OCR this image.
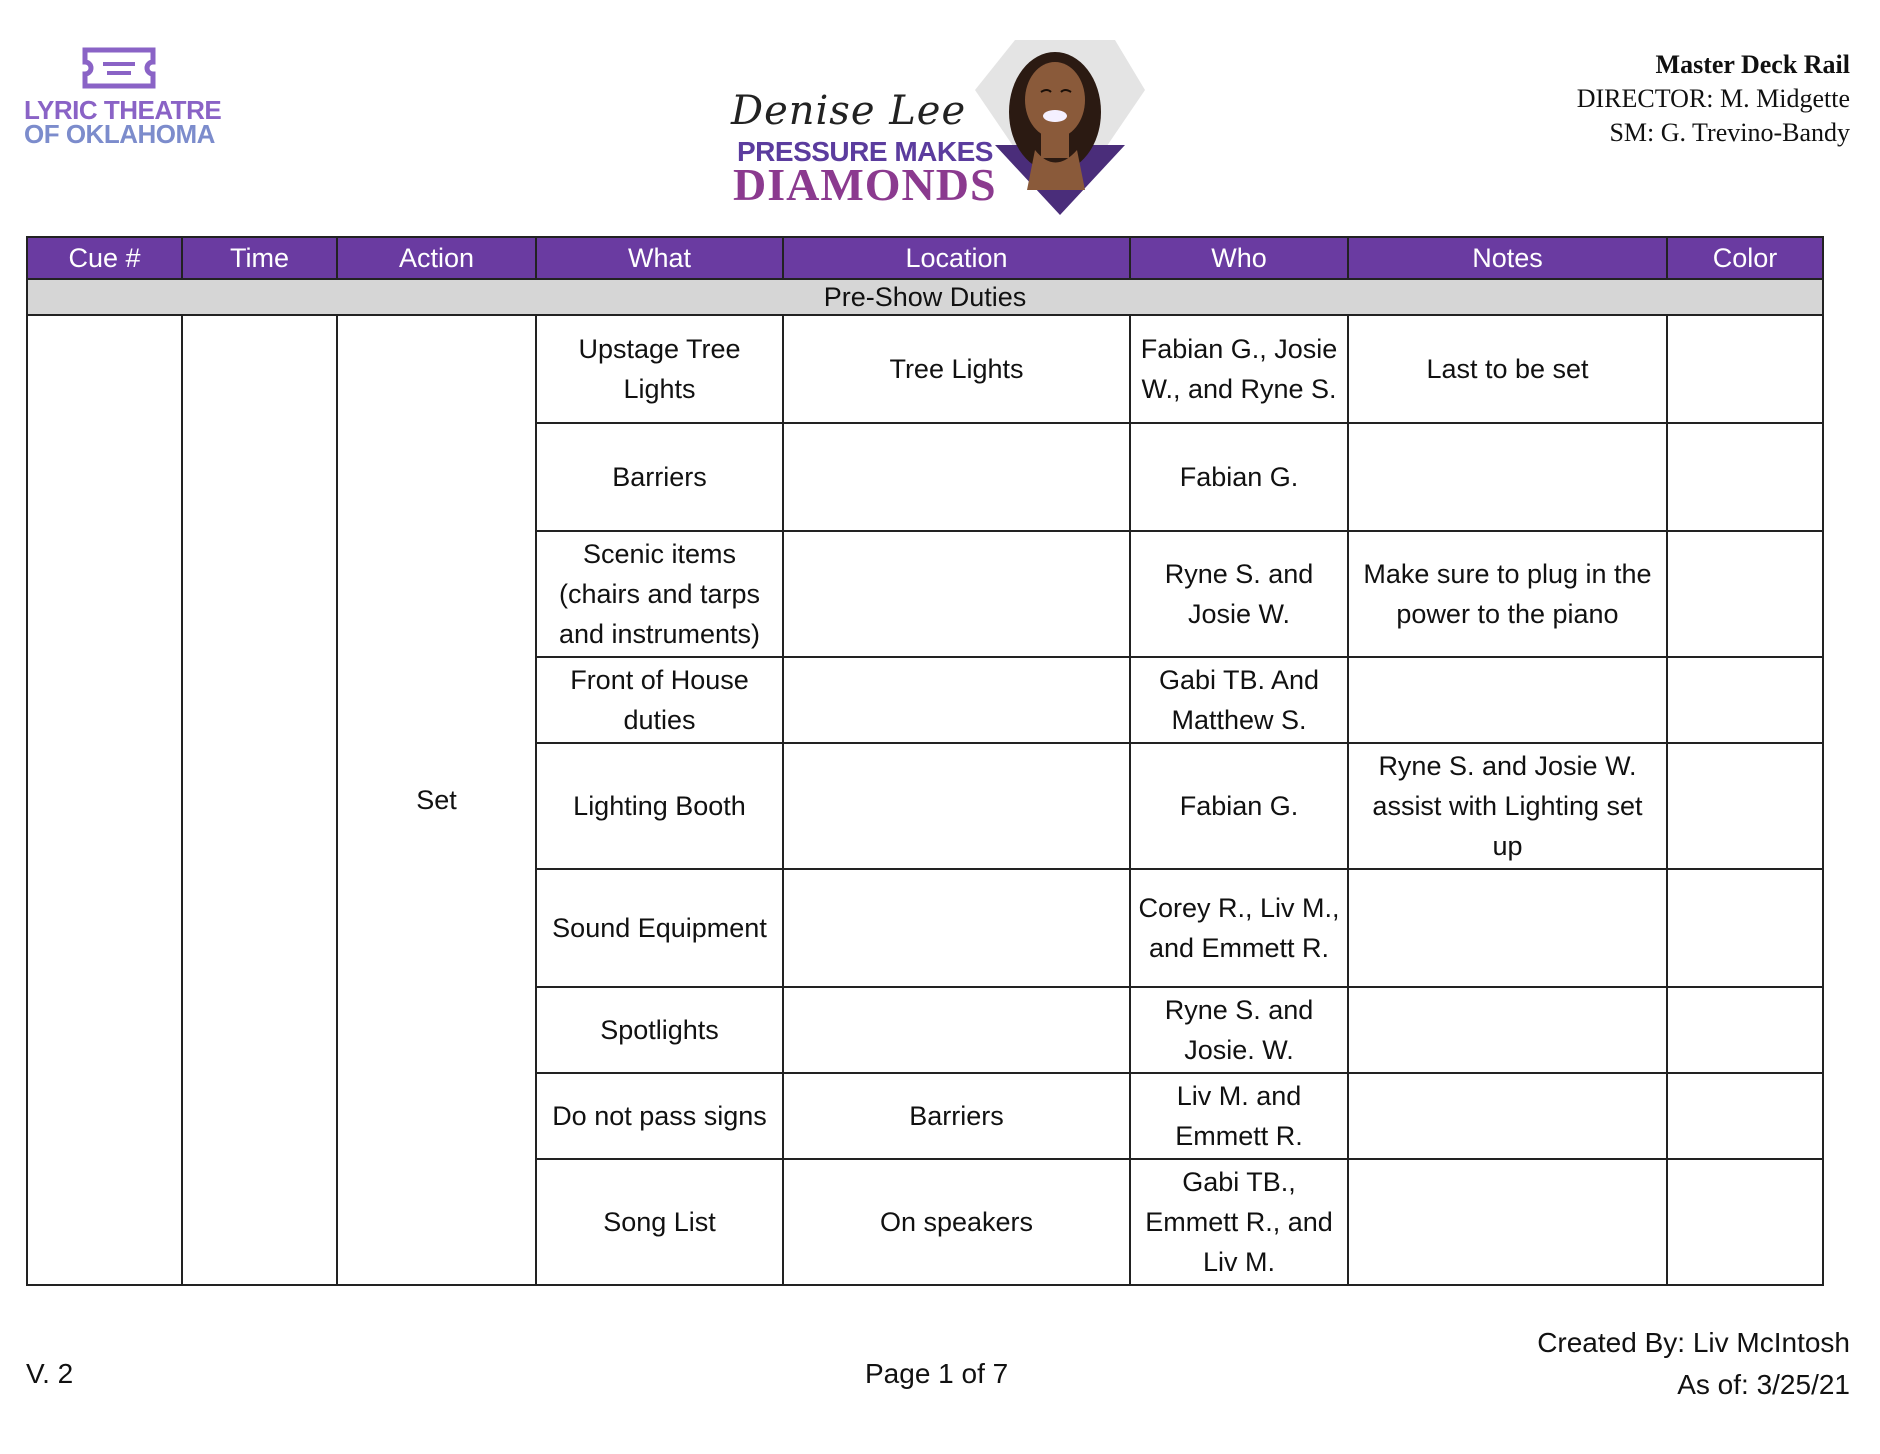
LYRIC THEATRE
OF OKLAHOMA	Denise Lee
PRESSURE MAKES
DIAMONDS
Master Deck Rail
DIRECTOR: M. Midgette
SM: G. Trevino-Bandy
Cue #	Time	Action	What	Location	Who	Notes	Color
Pre-Show Duties							
		Set	Upstage Tree Lights	Tree Lights	Fabian G., Josie W., and Ryne S.	Last to be set	
			Barriers		Fabian G.		
			Scenic items (chairs and tarps and instruments)		Ryne S. and Josie W.	Make sure to plug in the power to the piano	
			Front of House duties		Gabi TB. And Matthew S.		
			Lighting Booth		Fabian G.	Ryne S. and Josie W. assist with Lighting set up	
			Sound Equipment		Corey R., Liv M., and Emmett R.		
			Spotlights		Ryne S. and Josie. W.		
			Do not pass signs	Barriers	Liv M. and Emmett R.		
			Song List	On speakers	Gabi TB., Emmett R., and Liv M.		
V. 2	Page 1 of 7
Created By: Liv McIntosh
As of: 3/25/21
